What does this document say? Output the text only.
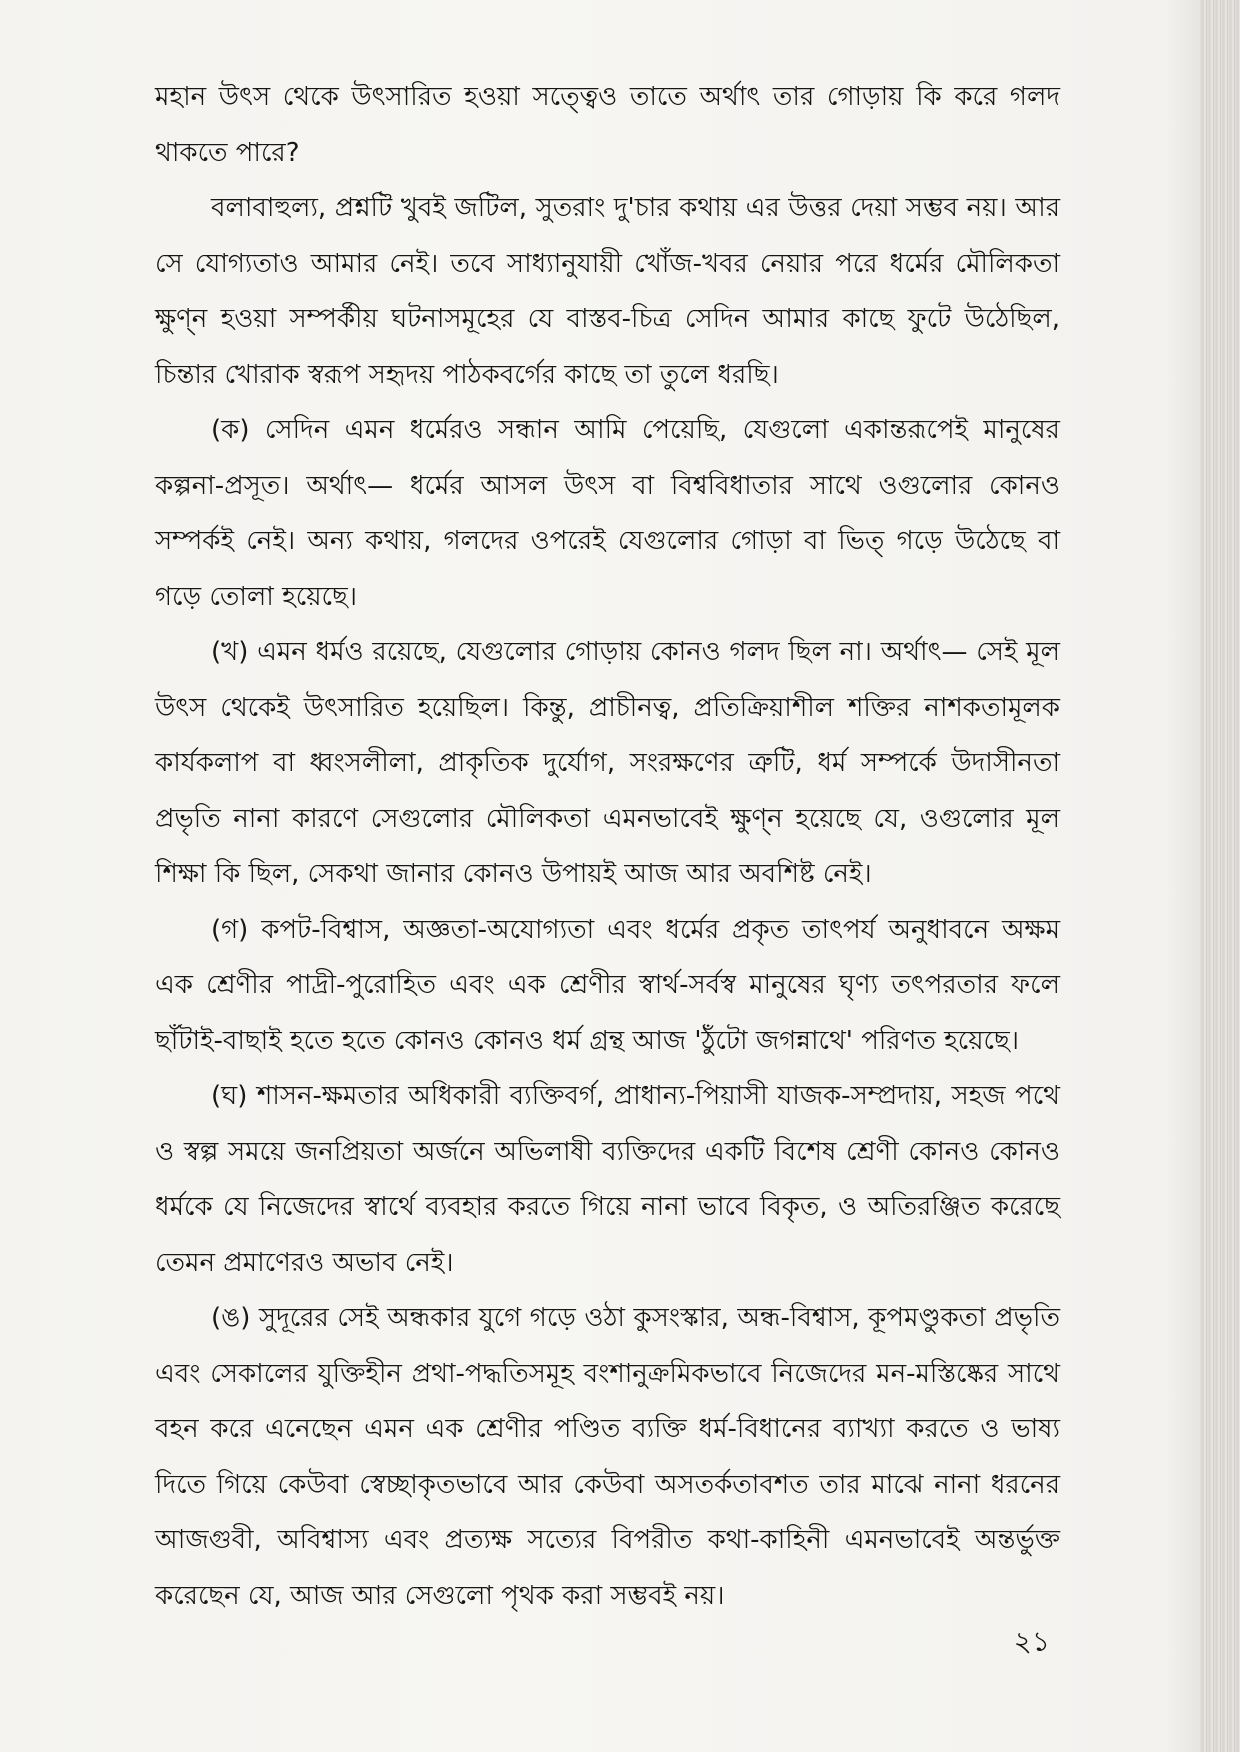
মহান উৎস থেকে উৎসারিত হওয়া সত্ত্বেও তাতে অর্থাৎ তার গোড়ায় কি করে গলদ থাকতে পারে?

বলাবাহুল্য, প্রশ্নটি খুবই জটিল, সুতরাং দু'চার কথায় এর উত্তর দেয়া সম্ভব নয়। আর সে যোগ্যতাও আমার নেই। তবে সাধ্যানুযায়ী খোঁজ-খবর নেয়ার পরে ধর্মের মৌলিকতা ক্ষুণ্ন হওয়া সম্পর্কীয় ঘটনাসমূহের যে বাস্তব-চিত্র সেদিন আমার কাছে ফুটে উঠেছিল, চিন্তার খোরাক স্বরূপ সহৃদয় পাঠকবর্গের কাছে তা তুলে ধরছি।

(ক) সেদিন এমন ধর্মেরও সন্ধান আমি পেয়েছি, যেগুলো একান্তরূপেই মানুষের কল্পনা-প্রসূত। অর্থাৎ— ধর্মের আসল উৎস বা বিশ্ববিধাতার সাথে ওগুলোর কোনও সম্পর্কই নেই। অন্য কথায়, গলদের ওপরেই যেগুলোর গোড়া বা ভিত্ গড়ে উঠেছে বা গড়ে তোলা হয়েছে।

(খ) এমন ধর্মও রয়েছে, যেগুলোর গোড়ায় কোনও গলদ ছিল না। অর্থাৎ— সেই মূল উৎস থেকেই উৎসারিত হয়েছিল। কিন্তু, প্রাচীনত্ব, প্রতিক্রিয়াশীল শক্তির নাশকতামূলক কার্যকলাপ বা ধ্বংসলীলা, প্রাকৃতিক দুর্যোগ, সংরক্ষণের ত্রুটি, ধর্ম সম্পর্কে উদাসীনতা প্রভৃতি নানা কারণে সেগুলোর মৌলিকতা এমনভাবেই ক্ষুণ্ন হয়েছে যে, ওগুলোর মূল শিক্ষা কি ছিল, সেকথা জানার কোনও উপায়ই আজ আর অবশিষ্ট নেই।

(গ) কপট-বিশ্বাস, অজ্ঞতা-অযোগ্যতা এবং ধর্মের প্রকৃত তাৎপর্য অনুধাবনে অক্ষম এক শ্রেণীর পাদ্রী-পুরোহিত এবং এক শ্রেণীর স্বার্থ-সর্বস্ব মানুষের ঘৃণ্য তৎপরতার ফলে ছাঁটাই-বাছাই হতে হতে কোনও কোনও ধর্ম গ্রন্থ আজ 'ঠুঁটো জগন্নাথে' পরিণত হয়েছে।

(ঘ) শাসন-ক্ষমতার অধিকারী ব্যক্তিবর্গ, প্রাধান্য-পিয়াসী যাজক-সম্প্রদায়, সহজ পথে ও স্বল্প সময়ে জনপ্রিয়তা অর্জনে অভিলাষী ব্যক্তিদের একটি বিশেষ শ্রেণী কোনও কোনও ধর্মকে যে নিজেদের স্বার্থে ব্যবহার করতে গিয়ে নানা ভাবে বিকৃত, ও অতিরঞ্জিত করেছে তেমন প্রমাণেরও অভাব নেই।

(ঙ) সুদূরের সেই অন্ধকার যুগে গড়ে ওঠা কুসংস্কার, অন্ধ-বিশ্বাস, কূপমণ্ডুকতা প্রভৃতি এবং সেকালের যুক্তিহীন প্রথা-পদ্ধতিসমূহ বংশানুক্রমিকভাবে নিজেদের মন-মস্তিষ্কের সাথে বহন করে এনেছেন এমন এক শ্রেণীর পণ্ডিত ব্যক্তি ধর্ম-বিধানের ব্যাখ্যা করতে ও ভাষ্য দিতে গিয়ে কেউবা স্বেচ্ছাকৃতভাবে আর কেউবা অসতর্কতাবশত তার মাঝে নানা ধরনের আজগুবী, অবিশ্বাস্য এবং প্রত্যক্ষ সত্যের বিপরীত কথা-কাহিনী এমনভাবেই অন্তর্ভুক্ত করেছেন যে, আজ আর সেগুলো পৃথক করা সম্ভবই নয়।

২১
